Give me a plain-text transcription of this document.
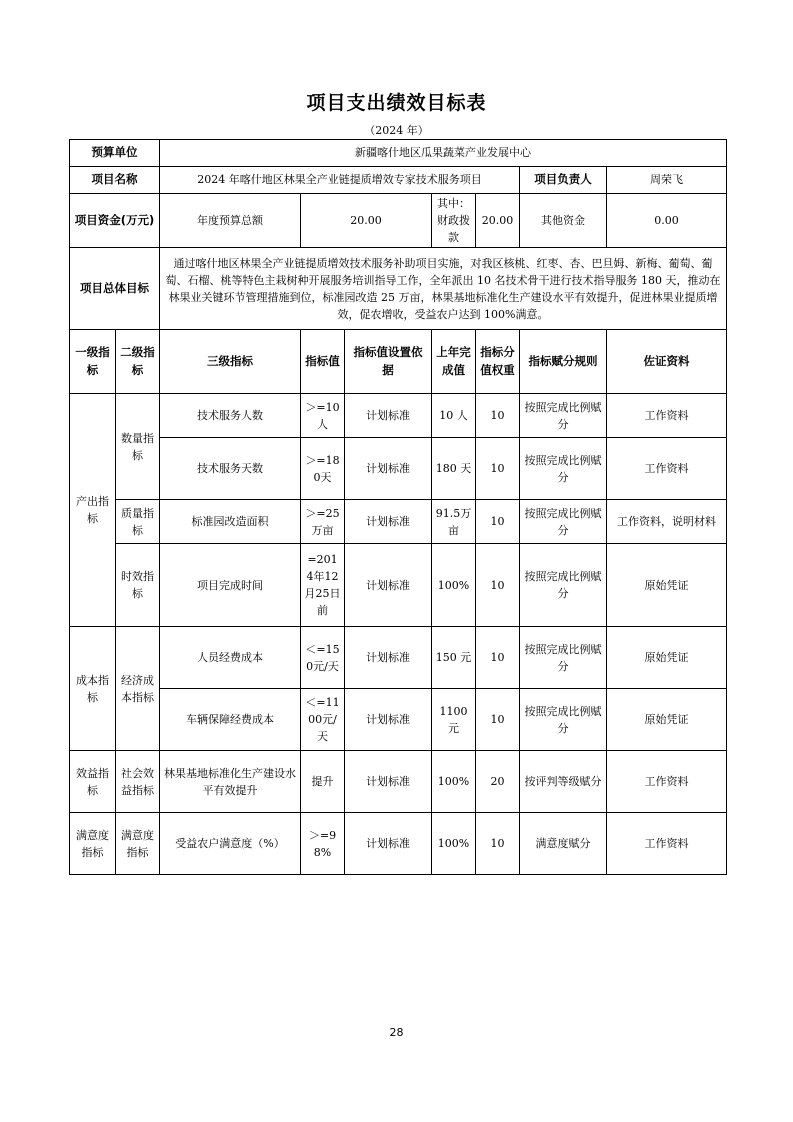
项目支出绩效目标表
（2024 年）
预算单位		新疆喀什地区瓜果蔬菜产业发展中心						
项目名称		2024 年喀什地区林果全产业链提质增效专家技术服务项目					项目负责人	周荣飞
项目资金(万元)		年度预算总额	20.00		其中：财政拨款	20.00	其他资金	0.00
项目总体目标		通过喀什地区林果全产业链提质增效技术服务补助项目实施，对我区核桃、红枣、杏、巴旦姆、新梅、葡萄、葡萄、石榴、桃等特色主栽树种开展服务培训指导工作，全年派出 10 名技术骨干进行技术指导服务 180 天，推动在林果业关键环节管理措施到位，标准园改造 25 万亩，林果基地标准化生产建设水平有效提升，促进林果业提质增效，促农增收，受益农户达到 100%满意。						
一级指标	二级指标	三级指标	指标值	指标值设置依据	上年完成值	指标分值权重	指标赋分规则	佐证资料
产出指标	数量指标	技术服务人数	＞=10人	计划标准	10 人	10	按照完成比例赋分	工作资料
		技术服务天数	＞=180天	计划标准	180 天	10	按照完成比例赋分	工作资料
	质量指标	标准园改造面积	＞=25万亩	计划标准	91.5万亩	10	按照完成比例赋分	工作资料，说明材料
	时效指标	项目完成时间	=2014年12月25日前	计划标准	100%	10	按照完成比例赋分	原始凭证
成本指标	经济成本指标	人员经费成本	＜=150元/天	计划标准	150 元	10	按照完成比例赋分	原始凭证
		车辆保障经费成本	＜=1100元/天	计划标准	1100元	10	按照完成比例赋分	原始凭证
效益指标	社会效益指标	林果基地标准化生产建设水平有效提升	提升	计划标准	100%	20	按评判等级赋分	工作资料
满意度指标	满意度指标	受益农户满意度（%）	＞=98%	计划标准	100%	10	满意度赋分	工作资料
28
